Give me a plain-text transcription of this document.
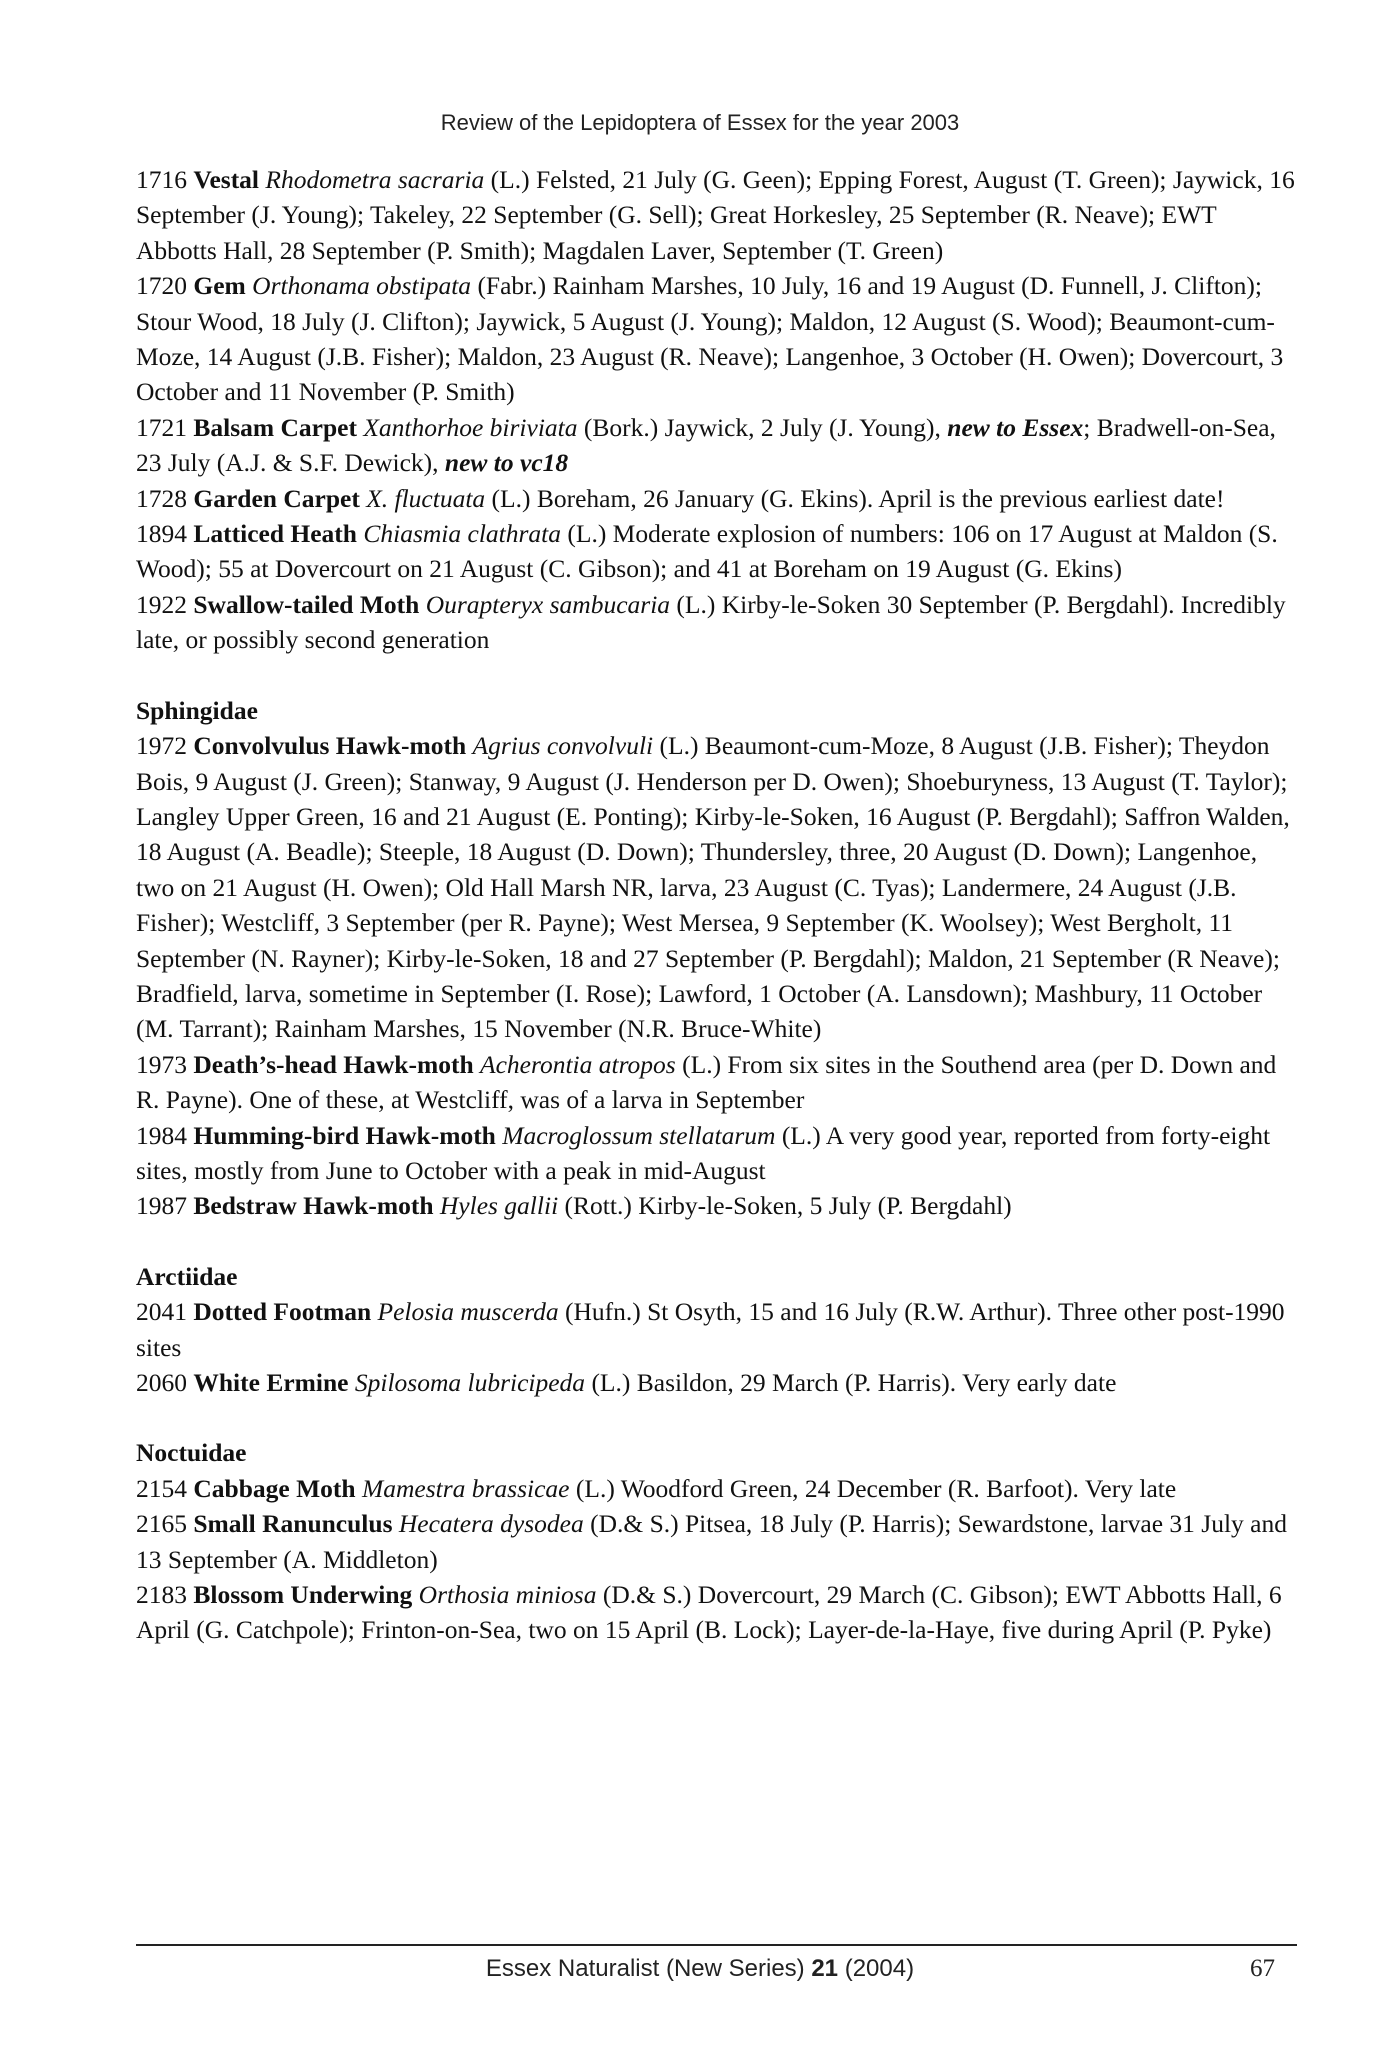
Review of the Lepidoptera of Essex for the year 2003

1716 Vestal Rhodometra sacraria (L.) Felsted, 21 July (G. Geen); Epping Forest, August (T. Green); Jaywick, 16 September (J. Young); Takeley, 22 September (G. Sell); Great Horkesley, 25 September (R. Neave); EWT Abbotts Hall, 28 September (P. Smith); Magdalen Laver, September (T. Green)

1720 Gem Orthonama obstipata (Fabr.) Rainham Marshes, 10 July, 16 and 19 August (D. Funnell, J. Clifton); Stour Wood, 18 July (J. Clifton); Jaywick, 5 August (J. Young); Maldon, 12 August (S. Wood); Beaumont-cum-Moze, 14 August (J.B. Fisher); Maldon, 23 August (R. Neave); Langenhoe, 3 October (H. Owen); Dovercourt, 3 October and 11 November (P. Smith)

1721 Balsam Carpet Xanthorhoe biriviata (Bork.) Jaywick, 2 July (J. Young), new to Essex; Bradwell-on-Sea, 23 July (A.J. & S.F. Dewick), new to vc18

1728 Garden Carpet X. fluctuata (L.) Boreham, 26 January (G. Ekins). April is the previous earliest date!

1894 Latticed Heath Chiasmia clathrata (L.) Moderate explosion of numbers: 106 on 17 August at Maldon (S. Wood); 55 at Dovercourt on 21 August (C. Gibson); and 41 at Boreham on 19 August (G. Ekins)

1922 Swallow-tailed Moth Ourapteryx sambucaria (L.) Kirby-le-Soken 30 September (P. Bergdahl). Incredibly late, or possibly second generation

Sphingidae

1972 Convolvulus Hawk-moth Agrius convolvuli (L.) Beaumont-cum-Moze, 8 August (J.B. Fisher); Theydon Bois, 9 August (J. Green); Stanway, 9 August (J. Henderson per D. Owen); Shoeburyness, 13 August (T. Taylor); Langley Upper Green, 16 and 21 August (E. Ponting); Kirby-le-Soken, 16 August (P. Bergdahl); Saffron Walden, 18 August (A. Beadle); Steeple, 18 August (D. Down); Thundersley, three, 20 August (D. Down); Langenhoe, two on 21 August (H. Owen); Old Hall Marsh NR, larva, 23 August (C. Tyas); Landermere, 24 August (J.B. Fisher); Westcliff, 3 September (per R. Payne); West Mersea, 9 September (K. Woolsey); West Bergholt, 11 September (N. Rayner); Kirby-le-Soken, 18 and 27 September (P. Bergdahl); Maldon, 21 September (R Neave); Bradfield, larva, sometime in September (I. Rose); Lawford, 1 October (A. Lansdown); Mashbury, 11 October (M. Tarrant); Rainham Marshes, 15 November (N.R. Bruce-White)

1973 Death’s-head Hawk-moth Acherontia atropos (L.) From six sites in the Southend area (per D. Down and R. Payne). One of these, at Westcliff, was of a larva in September

1984 Humming-bird Hawk-moth Macroglossum stellatarum (L.) A very good year, reported from forty-eight sites, mostly from June to October with a peak in mid-August

1987 Bedstraw Hawk-moth Hyles gallii (Rott.) Kirby-le-Soken, 5 July (P. Bergdahl)

Arctiidae

2041 Dotted Footman Pelosia muscerda (Hufn.) St Osyth, 15 and 16 July (R.W. Arthur). Three other post-1990 sites

2060 White Ermine Spilosoma lubricipeda (L.) Basildon, 29 March (P. Harris). Very early date

Noctuidae

2154 Cabbage Moth Mamestra brassicae (L.) Woodford Green, 24 December (R. Barfoot). Very late

2165 Small Ranunculus Hecatera dysodea (D.& S.) Pitsea, 18 July (P. Harris); Sewardstone, larvae 31 July and 13 September (A. Middleton)

2183 Blossom Underwing Orthosia miniosa (D.& S.) Dovercourt, 29 March (C. Gibson); EWT Abbotts Hall, 6 April (G. Catchpole); Frinton-on-Sea, two on 15 April (B. Lock); Layer-de-la-Haye, five during April (P. Pyke)

Essex Naturalist (New Series) 21 (2004)	67
